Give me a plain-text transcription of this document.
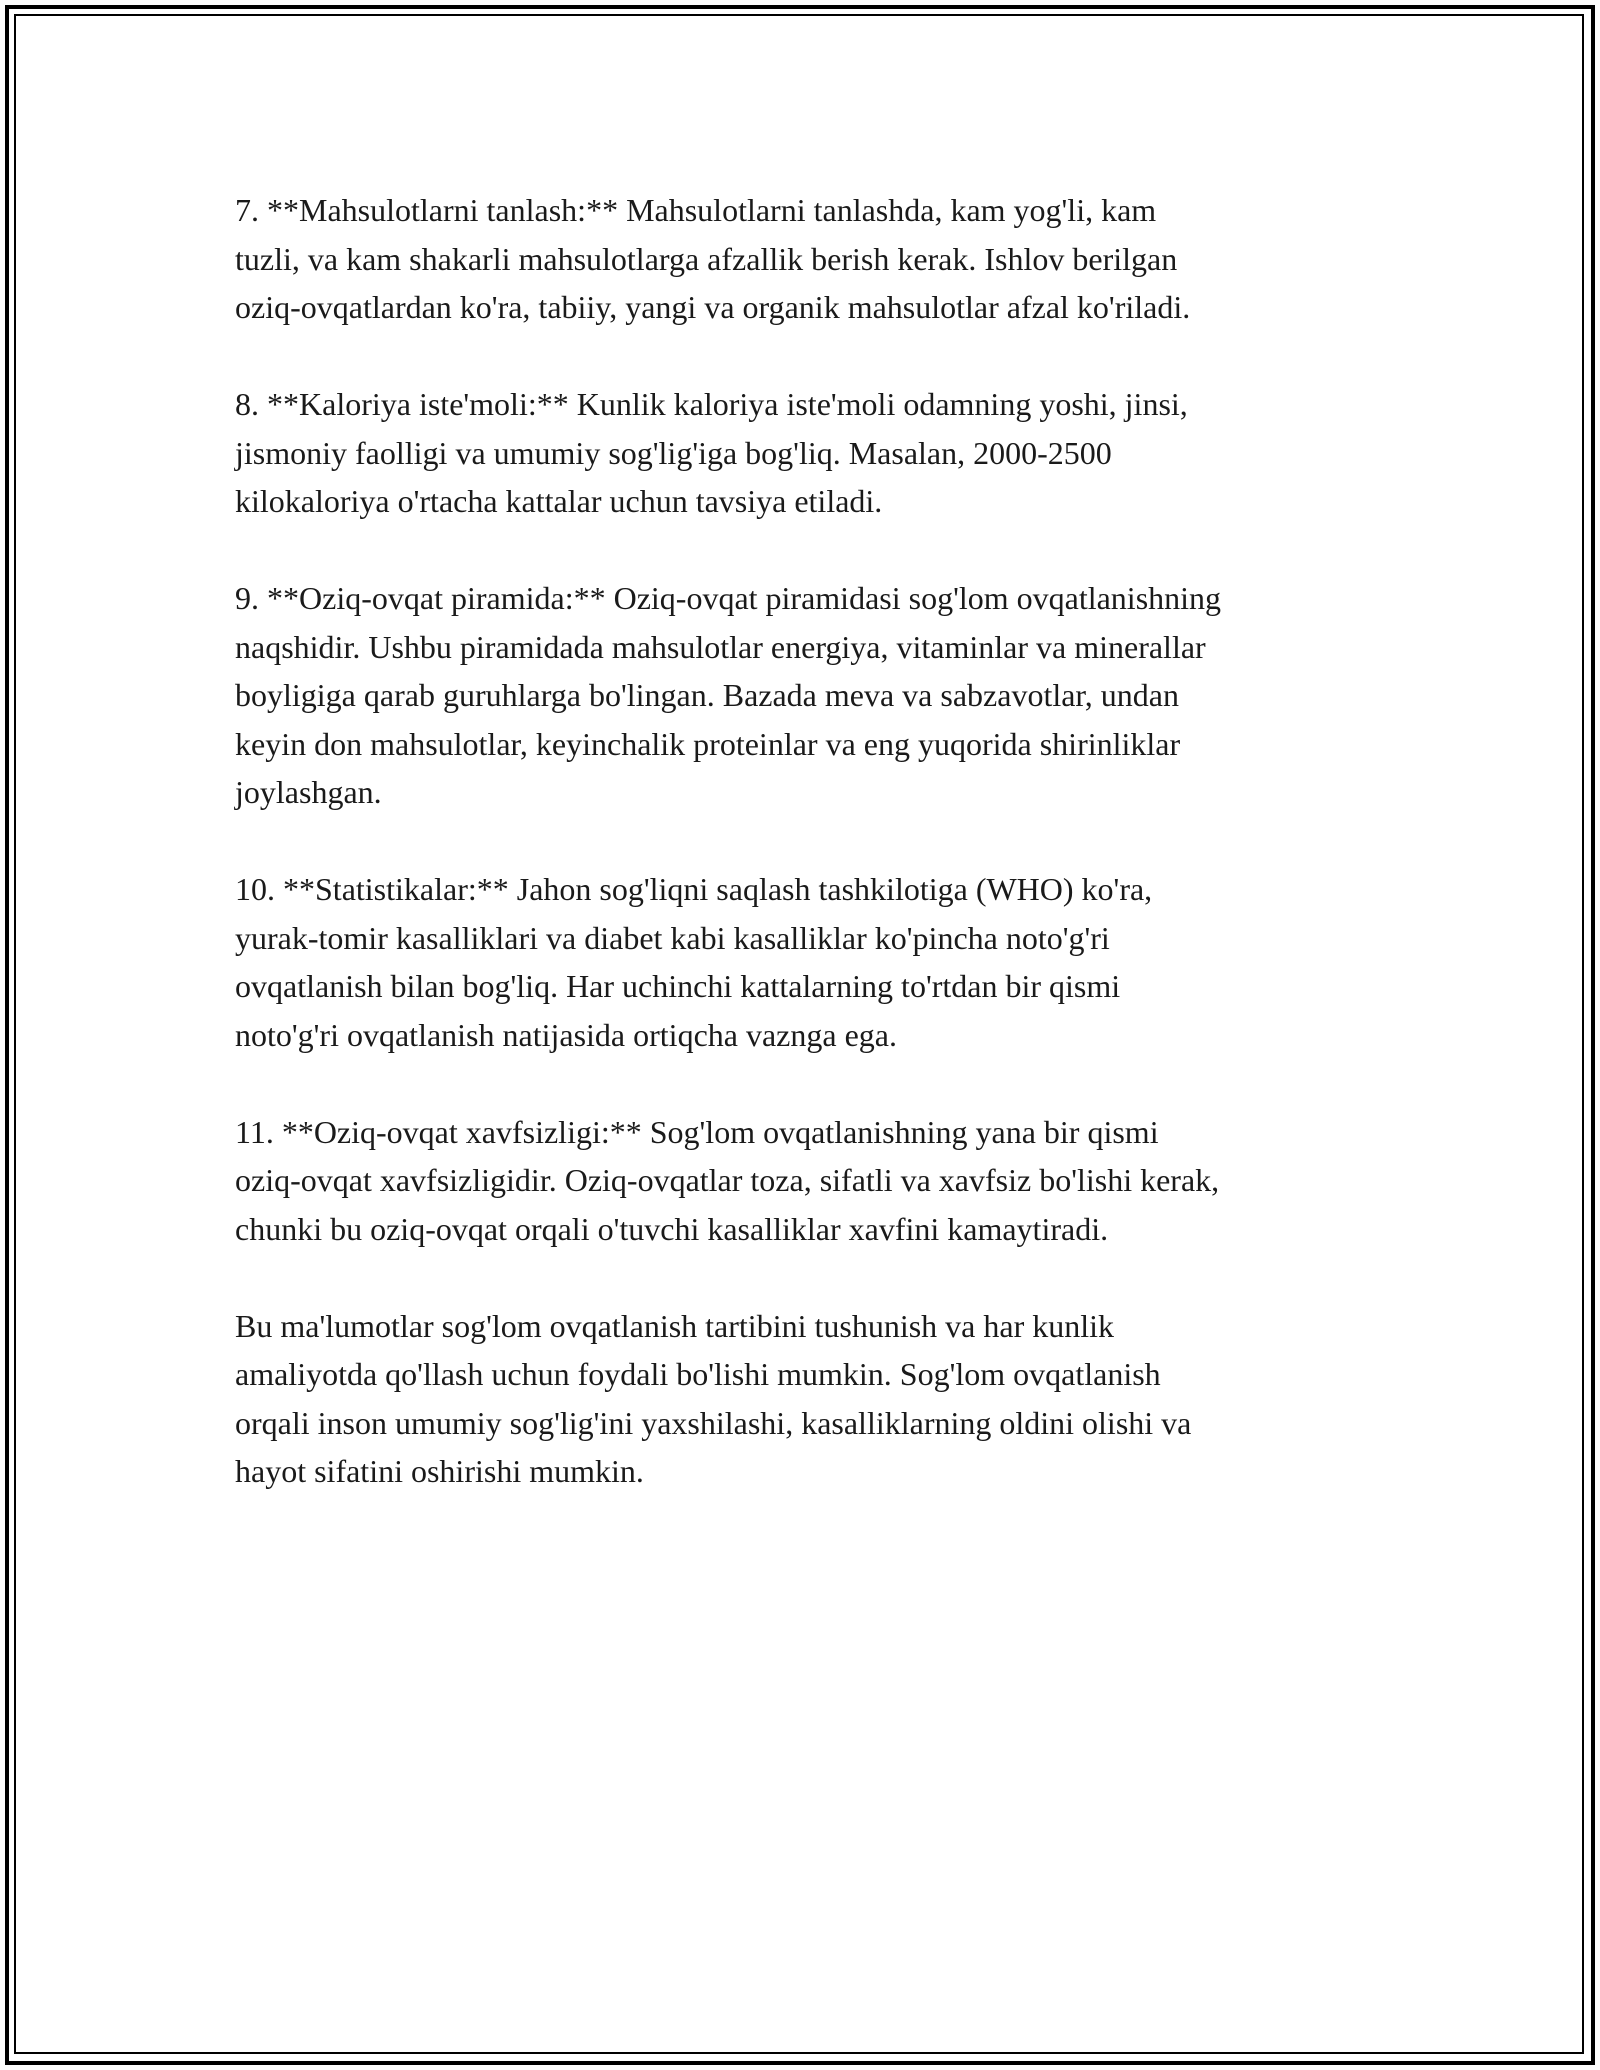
7. **Mahsulotlarni tanlash:** Mahsulotlarni tanlashda, kam yog'li, kam
tuzli, va kam shakarli mahsulotlarga afzallik berish kerak. Ishlov berilgan
oziq-ovqatlardan ko'ra, tabiiy, yangi va organik mahsulotlar afzal ko'riladi.

8. **Kaloriya iste'moli:** Kunlik kaloriya iste'moli odamning yoshi, jinsi,
jismoniy faolligi va umumiy sog'lig'iga bog'liq. Masalan, 2000-2500
kilokaloriya o'rtacha kattalar uchun tavsiya etiladi.

9. **Oziq-ovqat piramida:** Oziq-ovqat piramidasi sog'lom ovqatlanishning
naqshidir. Ushbu piramidada mahsulotlar energiya, vitaminlar va minerallar
boyligiga qarab guruhlarga bo'lingan. Bazada meva va sabzavotlar, undan
keyin don mahsulotlar, keyinchalik proteinlar va eng yuqorida shirinliklar
joylashgan.

10. **Statistikalar:** Jahon sog'liqni saqlash tashkilotiga (WHO) ko'ra,
yurak-tomir kasalliklari va diabet kabi kasalliklar ko'pincha noto'g'ri
ovqatlanish bilan bog'liq. Har uchinchi kattalarning to'rtdan bir qismi
noto'g'ri ovqatlanish natijasida ortiqcha vaznga ega.

11. **Oziq-ovqat xavfsizligi:** Sog'lom ovqatlanishning yana bir qismi
oziq-ovqat xavfsizligidir. Oziq-ovqatlar toza, sifatli va xavfsiz bo'lishi kerak,
chunki bu oziq-ovqat orqali o'tuvchi kasalliklar xavfini kamaytiradi.

Bu ma'lumotlar sog'lom ovqatlanish tartibini tushunish va har kunlik
amaliyotda qo'llash uchun foydali bo'lishi mumkin. Sog'lom ovqatlanish
orqali inson umumiy sog'lig'ini yaxshilashi, kasalliklarning oldini olishi va
hayot sifatini oshirishi mumkin.
